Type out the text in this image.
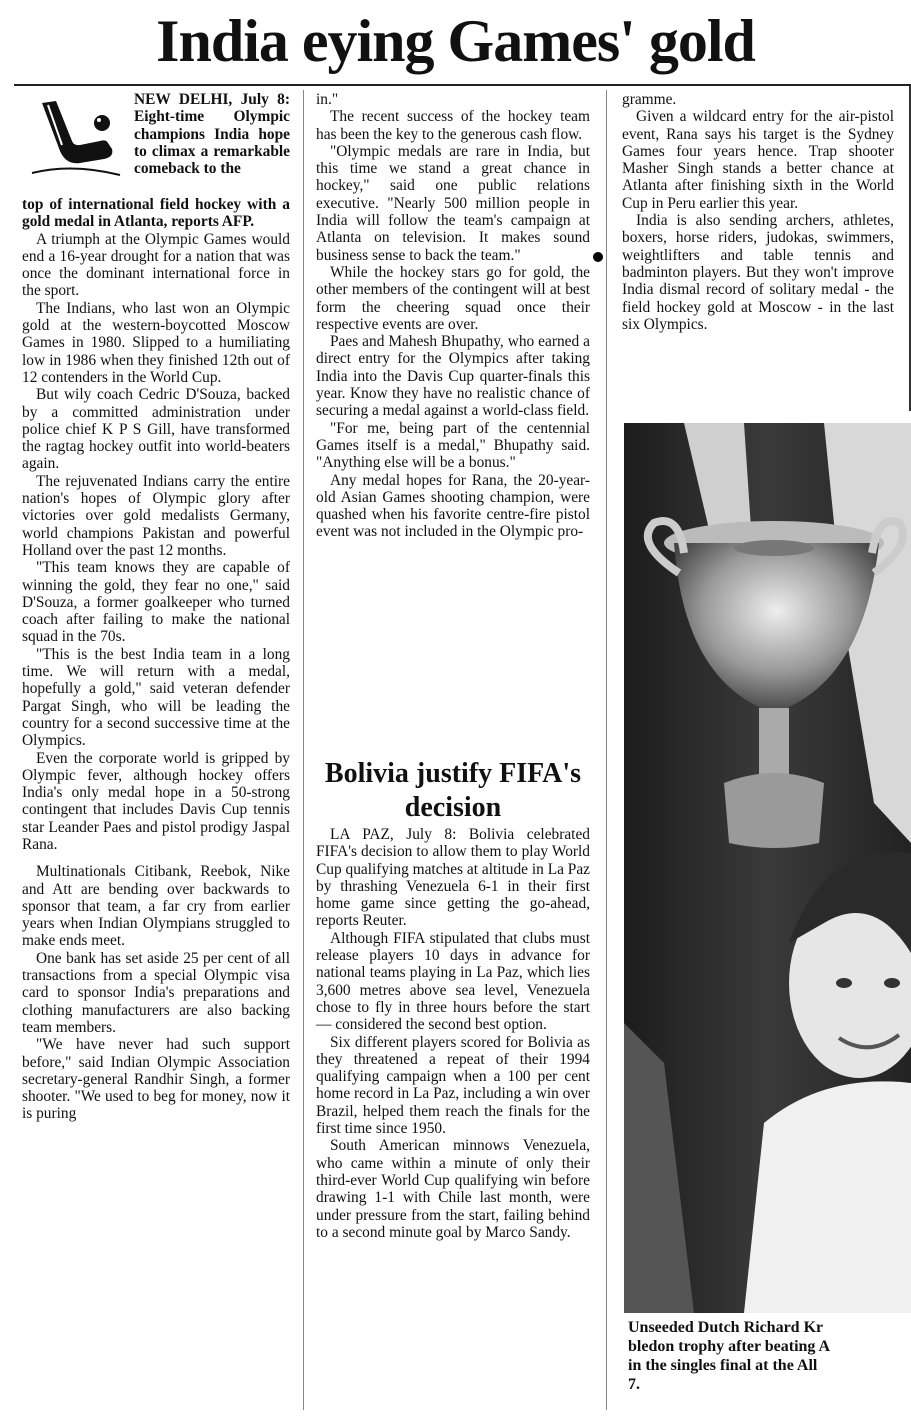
India eying Games' gold

NEW DELHI, July 8: Eight-time Olympic champions India hope to climax a remarkable comeback to the

top of international field hockey with a gold medal in Atlanta, reports AFP.

A triumph at the Olympic Games would end a 16-year drought for a nation that was once the dominant international force in the sport.

The Indians, who last won an Olympic gold at the western-boycotted Moscow Games in 1980. Slipped to a humiliating low in 1986 when they finished 12th out of 12 contenders in the World Cup.

But wily coach Cedric D'Souza, backed by a committed administration under police chief K P S Gill, have transformed the ragtag hockey outfit into world-beaters again.

The rejuvenated Indians carry the entire nation's hopes of Olympic glory after victories over gold medalists Germany, world champions Pakistan and powerful Holland over the past 12 months.

"This team knows they are capable of winning the gold, they fear no one," said D'Souza, a former goalkeeper who turned coach after failing to make the national squad in the 70s.

"This is the best India team in a long time. We will return with a medal, hopefully a gold," said veteran defender Pargat Singh, who will be leading the country for a second successive time at the Olympics.

Even the corporate world is gripped by Olympic fever, although hockey offers India's only medal hope in a 50-strong contingent that includes Davis Cup tennis star Leander Paes and pistol prodigy Jaspal Rana.

Multinationals Citibank, Reebok, Nike and Att are bending over backwards to sponsor that team, a far cry from earlier years when Indian Olympians struggled to make ends meet.

One bank has set aside 25 per cent of all transactions from a special Olympic visa card to sponsor India's preparations and clothing manufacturers are also backing team members.

"We have never had such support before," said Indian Olympic Association secretary-general Randhir Singh, a former shooter. "We used to beg for money, now it is puring

in."

The recent success of the hockey team has been the key to the generous cash flow.

"Olympic medals are rare in India, but this time we stand a great chance in hockey," said one public relations executive. "Nearly 500 million people in India will follow the team's campaign at Atlanta on television. It makes sound business sense to back the team."

While the hockey stars go for gold, the other members of the contingent will at best form the cheering squad once their respective events are over.

Paes and Mahesh Bhupathy, who earned a direct entry for the Olympics after taking India into the Davis Cup quarter-finals this year. Know they have no realistic chance of securing a medal against a world-class field.

"For me, being part of the centennial Games itself is a medal," Bhupathy said. "Anything else will be a bonus."

Any medal hopes for Rana, the 20-year-old Asian Games shooting champion, were quashed when his favorite centre-fire pistol event was not included in the Olympic pro-

Bolivia justify FIFA's decision

LA PAZ, July 8: Bolivia celebrated FIFA's decision to allow them to play World Cup qualifying matches at altitude in La Paz by thrashing Venezuela 6-1 in their first home game since getting the go-ahead, reports Reuter.

Although FIFA stipulated that clubs must release players 10 days in advance for national teams playing in La Paz, which lies 3,600 metres above sea level, Venezuela chose to fly in three hours before the start — considered the second best option.

Six different players scored for Bolivia as they threatened a repeat of their 1994 qualifying campaign when a 100 per cent home record in La Paz, including a win over Brazil, helped them reach the finals for the first time since 1950.

South American minnows Venezuela, who came within a minute of only their third-ever World Cup qualifying win before drawing 1-1 with Chile last month, were under pressure from the start, failing behind to a second minute goal by Marco Sandy.

gramme.

Given a wildcard entry for the air-pistol event, Rana says his target is the Sydney Games four years hence. Trap shooter Masher Singh stands a better chance at Atlanta after finishing sixth in the World Cup in Peru earlier this year.

India is also sending archers, athletes, boxers, horse riders, judokas, swimmers, weightlifters and table tennis and badminton players. But they won't improve India dismal record of solitary medal - the field hockey gold at Moscow - in the last six Olympics.

Unseeded Dutch Richard Kr
bledon trophy after beating A
in the singles final at the All
7.
